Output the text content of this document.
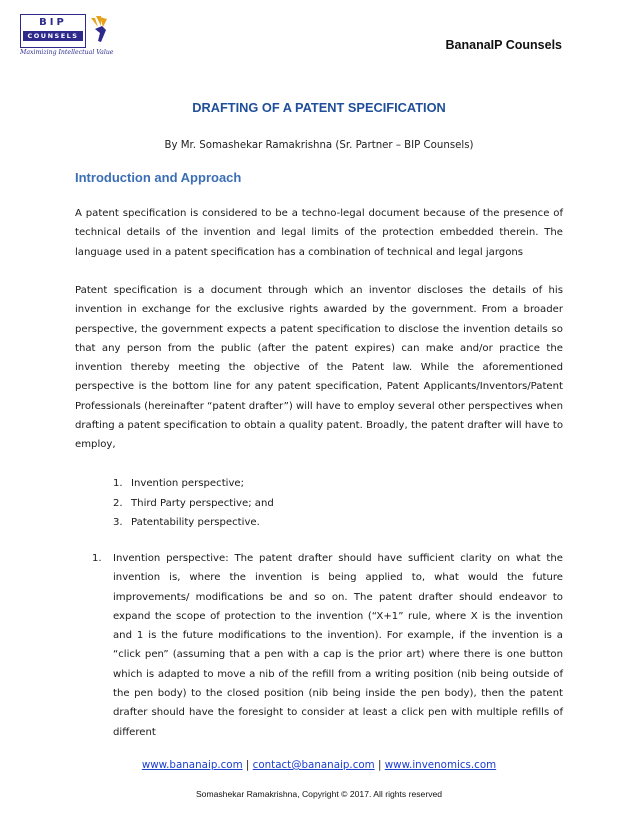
BIP
COUNSELS
Maximizing Intellectual Value
BananaIP Counsels
DRAFTING OF A PATENT SPECIFICATION
By Mr. Somashekar Ramakrishna (Sr. Partner – BIP Counsels)
Introduction and Approach

A patent specification is considered to be a techno-legal document because of the presence of technical details of the invention and legal limits of the protection embedded therein. The language used in a patent specification has a combination of technical and legal jargons

Patent specification is a document through which an inventor discloses the details of his invention in exchange for the exclusive rights awarded by the government. From a broader perspective, the government expects a patent specification to disclose the invention details so that any person from the public (after the patent expires) can make and/or practice the invention thereby meeting the objective of the Patent law. While the aforementioned perspective is the bottom line for any patent specification, Patent Applicants/Inventors/Patent Professionals (hereinafter “patent drafter”) will have to employ several other perspectives when drafting a patent specification to obtain a quality patent. Broadly, the patent drafter will have to employ,

1. Invention perspective;
2. Third Party perspective; and
3. Patentability perspective.
1. Invention perspective: The patent drafter should have sufficient clarity on what the invention is, where the invention is being applied to, what would the future improvements/ modifications be and so on. The patent drafter should endeavor to expand the scope of protection to the invention (“X+1” rule, where X is the invention and 1 is the future modifications to the invention). For example, if the invention is a “click pen” (assuming that a pen with a cap is the prior art) where there is one button which is adapted to move a nib of the refill from a writing position (nib being outside of the pen body) to the closed position (nib being inside the pen body), then the patent drafter should have the foresight to consider at least a click pen with multiple refills of different

www.bananaip.com | contact@bananaip.com | www.invenomics.com
Somashekar Ramakrishna, Copyright © 2017. All rights reserved
